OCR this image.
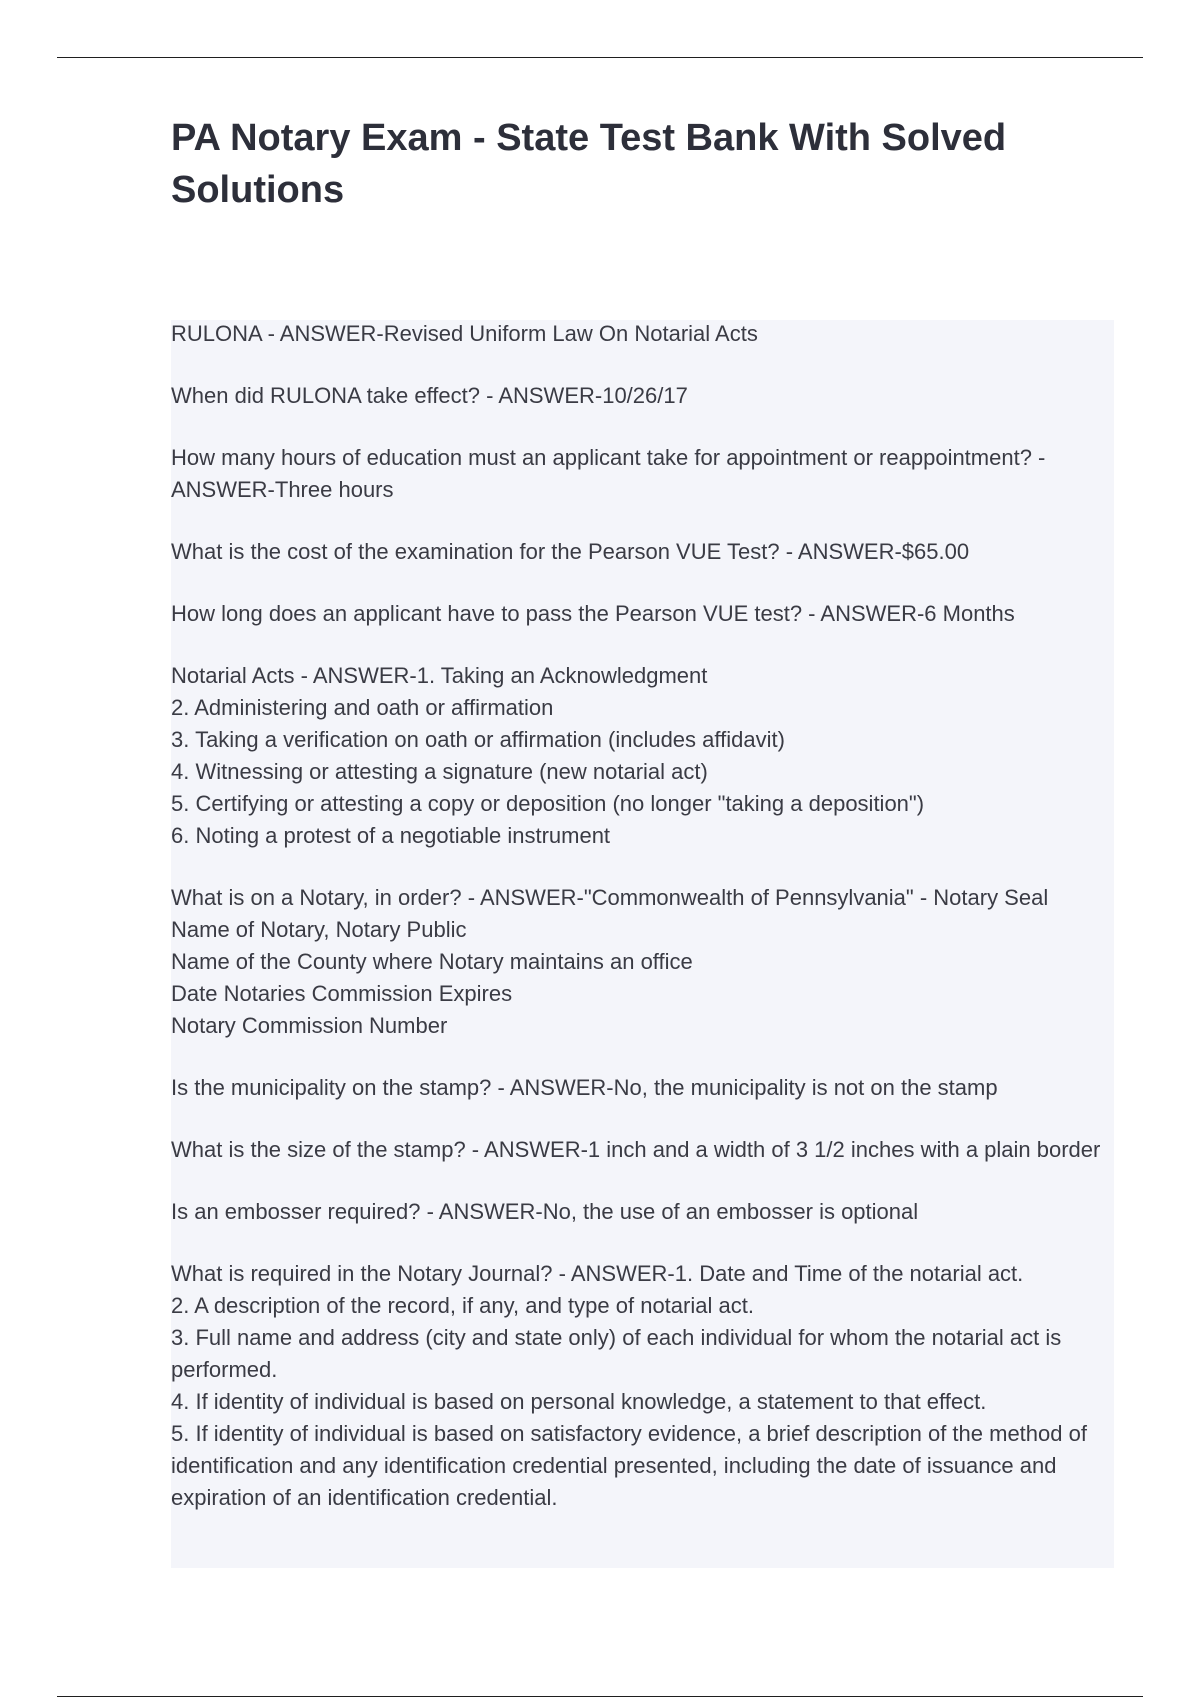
PA Notary Exam - State Test Bank With Solved
Solutions
RULONA - ANSWER-Revised Uniform Law On Notarial Acts
When did RULONA take effect? - ANSWER-10/26/17
How many hours of education must an applicant take for appointment or reappointment? - ANSWER-Three hours
What is the cost of the examination for the Pearson VUE Test? - ANSWER-$65.00
How long does an applicant have to pass the Pearson VUE test? - ANSWER-6 Months
Notarial Acts - ANSWER-1. Taking an Acknowledgment
2. Administering and oath or affirmation
3. Taking a verification on oath or affirmation (includes affidavit)
4. Witnessing or attesting a signature (new notarial act)
5. Certifying or attesting a copy or deposition (no longer "taking a deposition")
6. Noting a protest of a negotiable instrument
What is on a Notary, in order? - ANSWER-"Commonwealth of Pennsylvania" - Notary Seal
Name of Notary, Notary Public
Name of the County where Notary maintains an office
Date Notaries Commission Expires
Notary Commission Number
Is the municipality on the stamp? - ANSWER-No, the municipality is not on the stamp
What is the size of the stamp? - ANSWER-1 inch and a width of 3 1/2 inches with a plain border
Is an embosser required? - ANSWER-No, the use of an embosser is optional
What is required in the Notary Journal? - ANSWER-1. Date and Time of the notarial act.
2. A description of the record, if any, and type of notarial act.
3. Full name and address (city and state only) of each individual for whom the notarial act is performed.
4. If identity of individual is based on personal knowledge, a statement to that effect.
5. If identity of individual is based on satisfactory evidence, a brief description of the method of identification and any identification credential presented, including the date of issuance and expiration of an identification credential.
